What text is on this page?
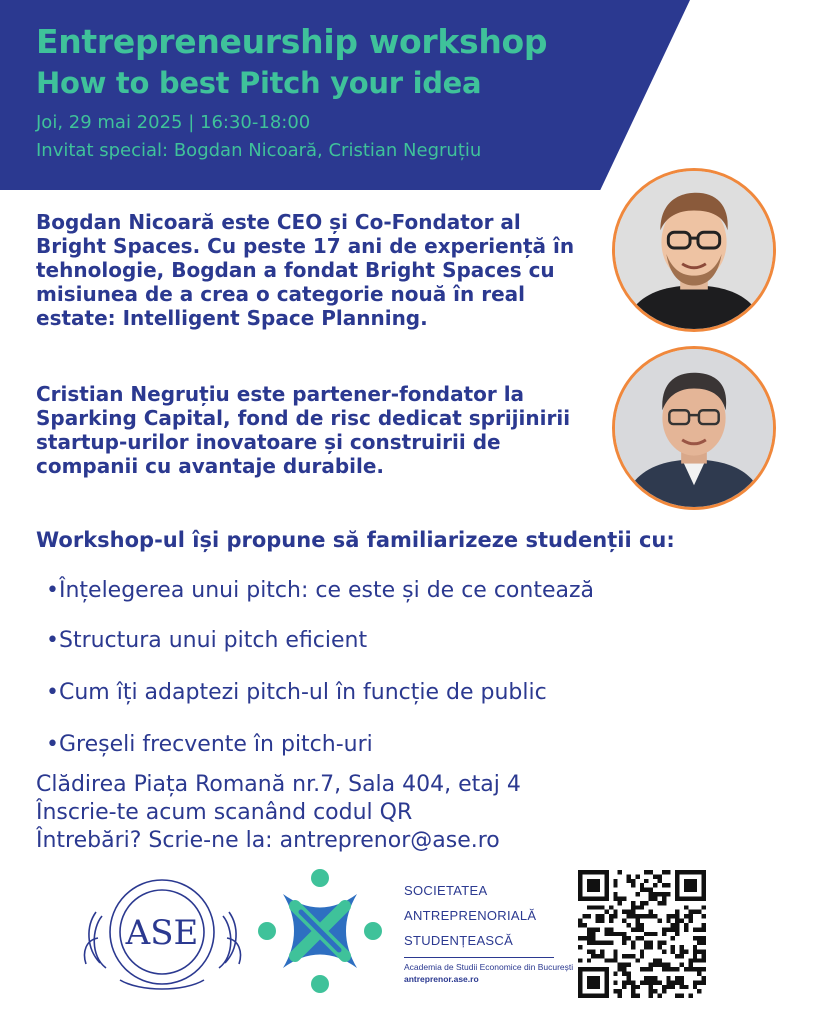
Entrepreneurship workshop
How to best Pitch your idea
Joi, 29 mai 2025 | 16:30-18:00
Invitat special: Bogdan Nicoară, Cristian Negruțiu

Bogdan Nicoară este CEO și Co-Fondator al Bright Spaces. Cu peste 17 ani de experiență în tehnologie, Bogdan a fondat Bright Spaces cu misiunea de a crea o categorie nouă în real estate: Intelligent Space Planning.

Cristian Negruțiu este partener-fondator la Sparking Capital, fond de risc dedicat sprijinirii startup-urilor inovatoare și construirii de companii cu avantaje durabile.

Workshop-ul își propune să familiarizeze studenții cu:
•Înțelegerea unui pitch: ce este și de ce contează
•Structura unui pitch eficient
•Cum îți adaptezi pitch-ul în funcție de public
•Greșeli frecvente în pitch-uri
Clădirea Piața Romană nr.7, Sala 404, etaj 4
Înscrie-te acum scanând codul QR
Întrebări? Scrie-ne la: antreprenor@ase.ro
ASE
SOCIETATEA
ANTREPRENORIALĂ
STUDENȚEASCĂ
Academia de Studii Economice din București
antreprenor.ase.ro
